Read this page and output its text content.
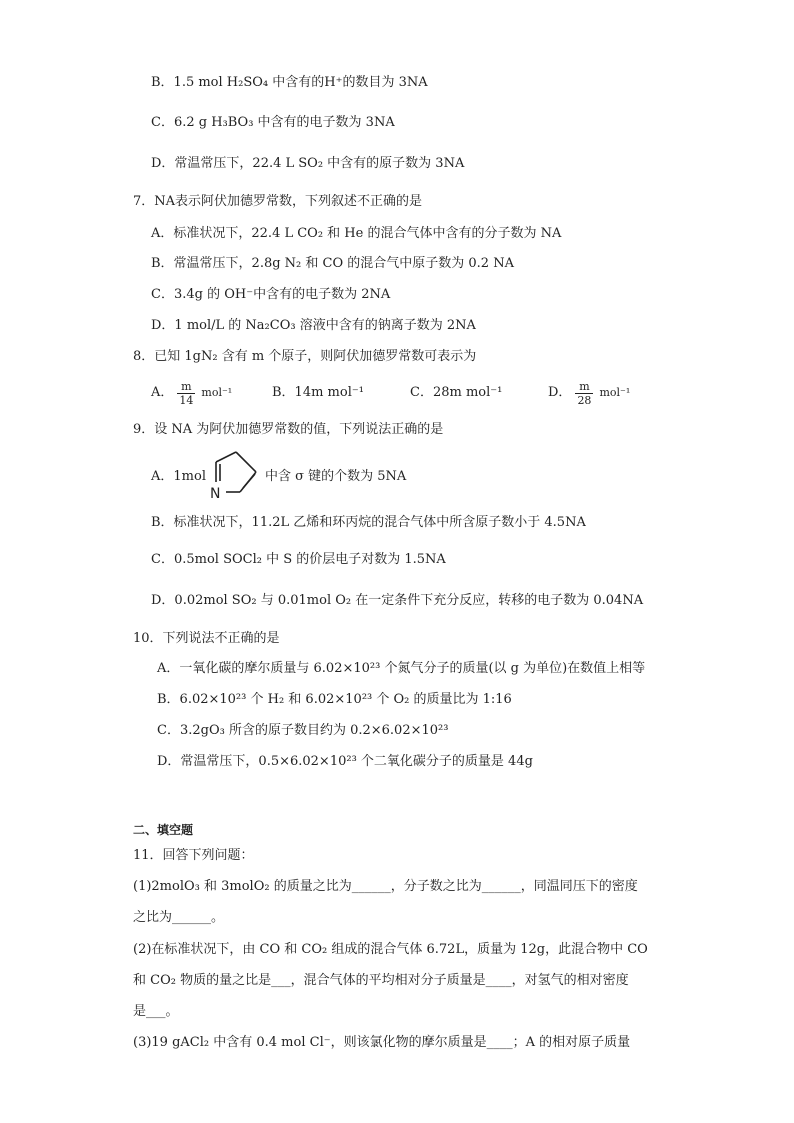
B．1.5 mol H₂SO₄ 中含有的H⁺的数目为 3NA
C．6.2 g H₃BO₃ 中含有的电子数为 3NA
D．常温常压下，22.4 L SO₂ 中含有的原子数为 3NA
7．NA表示阿伏加德罗常数，下列叙述不正确的是
A．标准状况下，22.4 L CO₂ 和 He 的混合气体中含有的分子数为 NA
B．常温常压下，2.8g N₂ 和 CO 的混合气中原子数为 0.2 NA
C．3.4g 的 OH⁻中含有的电子数为 2NA
D．1 mol/L 的 Na₂CO₃ 溶液中含有的钠离子数为 2NA
8．已知 1gN₂ 含有 m 个原子，则阿伏加德罗常数可表示为
A． $\frac{m}{14} mol^{-1}$	B．14m mol⁻¹	C．28m mol⁻¹	D． $\frac{m}{28} mol^{-1}$
9．设 NA 为阿伏加德罗常数的值，下列说法正确的是
A．1mol
N
中含 σ 键的个数为 5NA
B．标准状况下，11.2L 乙烯和环丙烷的混合气体中所含原子数小于 4.5NA
C．0.5mol SOCl₂ 中 S 的价层电子对数为 1.5NA
D．0.02mol SO₂ 与 0.01mol O₂ 在一定条件下充分反应，转移的电子数为 0.04NA
10．下列说法不正确的是
A．一氧化碳的摩尔质量与 6.02×10²³ 个氮气分子的质量(以 g 为单位)在数值上相等
B．6.02×10²³ 个 H₂ 和 6.02×10²³ 个 O₂ 的质量比为 1:16
C．3.2gO₃ 所含的原子数目约为 0.2×6.02×10²³
D．常温常压下，0.5×6.02×10²³ 个二氧化碳分子的质量是 44g
二、填空题
11．回答下列问题：
(1)2molO₃ 和 3molO₂ 的质量之比为______，分子数之比为______，同温同压下的密度
之比为______。
(2)在标准状况下，由 CO 和 CO₂ 组成的混合气体 6.72L，质量为 12g，此混合物中 CO
和 CO₂ 物质的量之比是___，混合气体的平均相对分子质量是____，对氢气的相对密度
是___。
(3)19 gACl₂ 中含有 0.4 mol Cl⁻，则该氯化物的摩尔质量是____；A 的相对原子质量
